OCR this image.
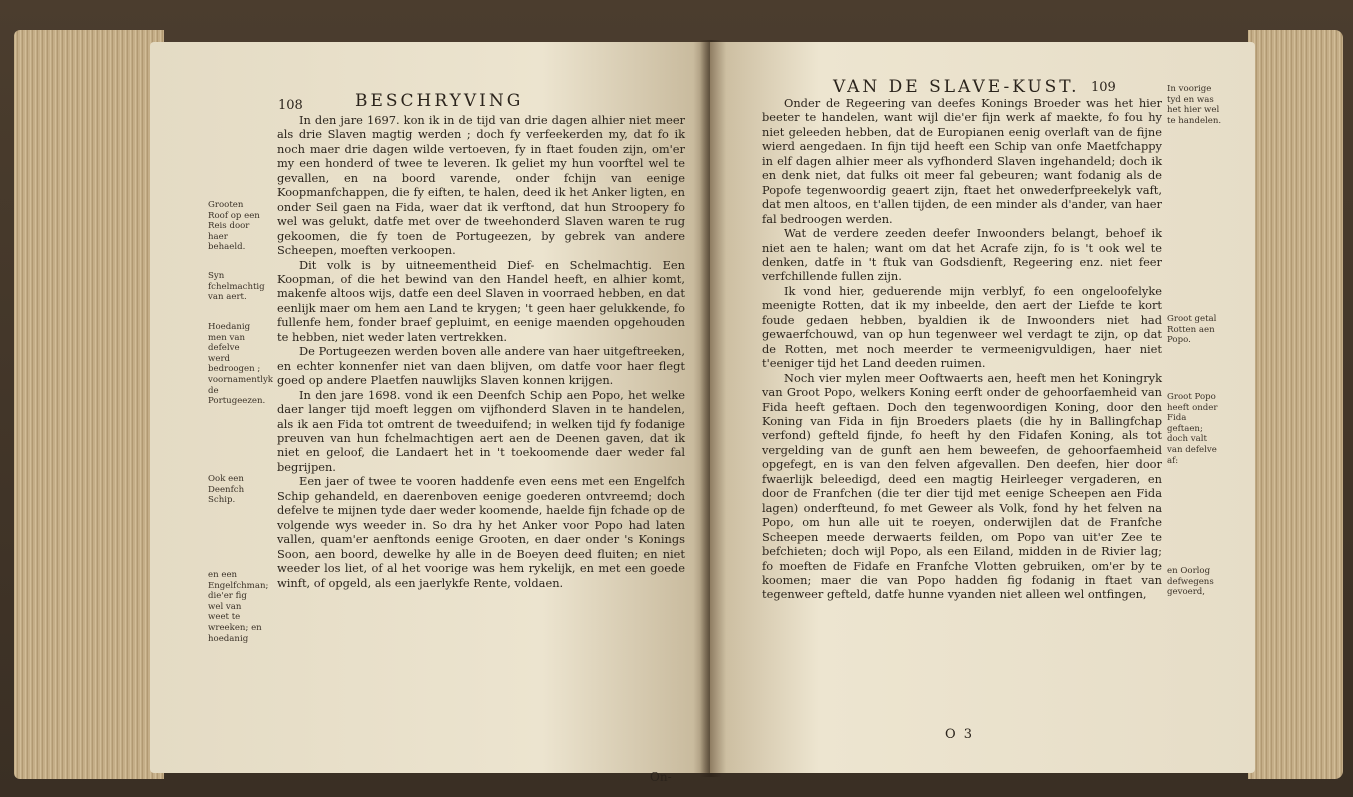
108	BESCHRYVING

In den jare 1697. kon ik in de tijd van drie dagen alhier niet meer als drie Slaven magtig werden ; doch fy verfeekerden my, dat fo ik noch maer drie dagen wilde vertoeven, fy in ftaet fouden zijn, om'er my een honderd of twee te leveren. Ik geliet my hun voorftel wel te gevallen, en na boord varende, onder fchijn van eenige Koopmanfchappen, die fy eiften, te halen, deed ik het Anker ligten, en onder Seil gaen na Fida, waer dat ik verftond, dat hun Stroopery fo wel was gelukt, datfe met over de tweehonderd Slaven waren te rug gekoomen, die fy toen de Portugeezen, by gebrek van andere Scheepen, moeften verkoopen.

Dit volk is by uitneementheid Dief- en Schelmachtig. Een Koopman, of die het bewind van den Handel heeft, en alhier komt, makenfe altoos wijs, datfe een deel Slaven in voorraed hebben, en dat eenlijk maer om hem aen Land te krygen; 't geen haer gelukkende, fo fullenfe hem, fonder braef gepluimt, en eenige maenden opgehouden te hebben, niet weder laten vertrekken.

De Portugeezen werden boven alle andere van haer uitgeftreeken, en echter konnenfer niet van daen blijven, om datfe voor haer flegt goed op andere Plaetfen nauwlijks Slaven konnen krijgen.

In den jare 1698. vond ik een Deenfch Schip aen Popo, het welke daer langer tijd moeft leggen om vijfhonderd Slaven in te handelen, als ik aen Fida tot omtrent de tweeduifend; in welken tijd fy fodanige preuven van hun fchelmachtigen aert aen de Deenen gaven, dat ik niet en geloof, die Landaert het in 't toekoomende daer weder fal begrijpen.

Een jaer of twee te vooren haddenfe even eens met een Engelfch Schip gehandeld, en daerenboven eenige goederen ontvreemd; doch defelve te mijnen tyde daer weder koomende, haelde fijn fchade op de volgende wys weeder in. So dra hy het Anker voor Popo had laten vallen, quam'er aenftonds eenige Grooten, en daer onder 's Konings Soon, aen boord, dewelke hy alle in de Boeyen deed fluiten; en niet weeder los liet, of al het voorige was hem rykelijk, en met een goede winft, of opgeld, als een jaerlykfe Rente, voldaen.

On-
Grooten Roof op een Reis door haer behaeld.
Syn fchelmachtig van aert.
Hoedanig men van defelve werd bedroogen ; voornamentlyk de Portugeezen.
Ook een Deenfch Schip.
en een Engelfchman; die'er fig wel van weet te wreeken; en hoedanig
VAN DE SLAVE-KUST. 109

Onder de Regeering van deefes Konings Broeder was het hier beeter te handelen, want wijl die'er fijn werk af maekte, fo fou hy niet geleeden hebben, dat de Europianen eenig overlaft van de fijne wierd aengedaen. In fijn tijd heeft een Schip van onfe Maetfchappy in elf dagen alhier meer als vyfhonderd Slaven ingehandeld; doch ik en denk niet, dat fulks oit meer fal gebeuren; want fodanig als de Popofe tegenwoordig geaert zijn, ftaet het onwederfpreekelyk vaft, dat men altoos, en t'allen tijden, de een minder als d'ander, van haer fal bedroogen werden.

Wat de verdere zeeden deefer Inwoonders belangt, behoef ik niet aen te halen; want om dat het Acrafe zijn, fo is 't ook wel te denken, datfe in 't ftuk van Godsdienft, Regeering enz. niet feer verfchillende fullen zijn.

Ik vond hier, geduerende mijn verblyf, fo een ongeloofelyke meenigte Rotten, dat ik my inbeelde, den aert der Liefde te kort foude gedaen hebben, byaldien ik de Inwoonders niet had gewaerfchouwd, van op hun tegenweer wel verdagt te zijn, op dat de Rotten, met noch meerder te vermeenigvuldigen, haer niet t'eeniger tijd het Land deeden ruimen.

Noch vier mylen meer Ooftwaerts aen, heeft men het Koningryk van Groot Popo, welkers Koning eerft onder de gehoorfaemheid van Fida heeft geftaen. Doch den tegenwoordigen Koning, door den Koning van Fida in fijn Broeders plaets (die hy in Ballingfchap verfond) gefteld fijnde, fo heeft hy den Fidafen Koning, als tot vergelding van de gunft aen hem beweefen, de gehoorfaemheid opgefegt, en is van den felven afgevallen. Den deefen, hier door fwaerlijk beleedigd, deed een magtig Heirleeger vergaderen, en door de Franfchen (die ter dier tijd met eenige Scheepen aen Fida lagen) onderfteund, fo met Geweer als Volk, fond hy het felven na Popo, om hun alle uit te roeyen, onderwijlen dat de Franfche Scheepen meede derwaerts feilden, om Popo van uit'er Zee te befchieten; doch wijl Popo, als een Eiland, midden in de Rivier lag; fo moeften de Fidafe en Franfche Vlotten gebruiken, om'er by te koomen; maer die van Popo hadden fig fodanig in ftaet van tegenweer gefteld, datfe hunne vyanden niet alleen wel ontfingen,

O 3
In voorige tyd en was het hier wel te handelen.
Groot getal Rotten aen Popo.
Groot Popo heeft onder Fida geftaen; doch valt van defelve af:
en Oorlog defwegens gevoerd,
